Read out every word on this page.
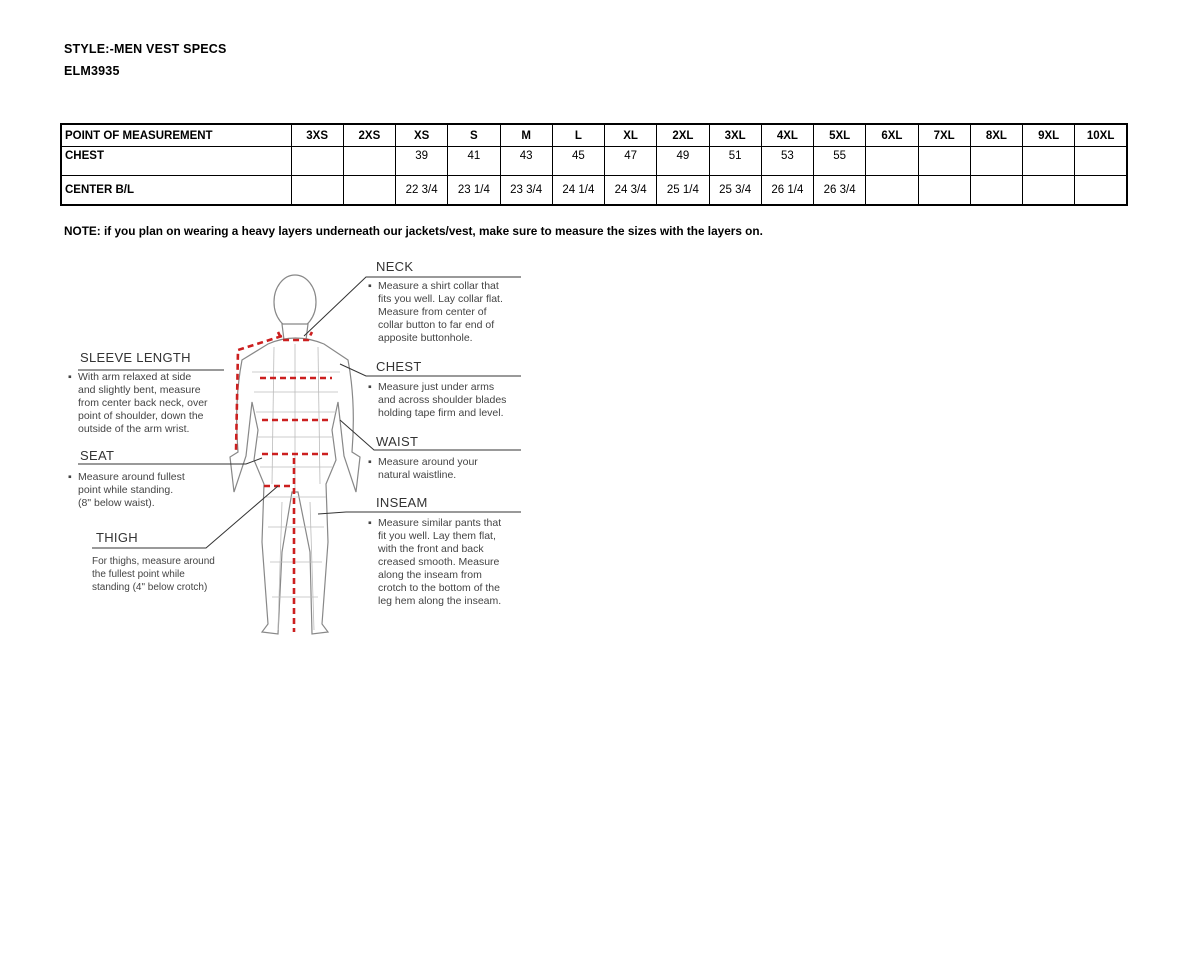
STYLE:-MEN VEST SPECS
ELM3935
POINT OF MEASUREMENT	3XS	2XS	XS	S	M	L	XL	2XL	3XL	4XL	5XL	6XL	7XL	8XL	9XL	10XL
CHEST			39	41	43	45	47	49	51	53	55					
CENTER B/L			22 3/4	23 1/4	23 3/4	24 1/4	24 3/4	25 1/4	25 3/4	26 1/4	26 3/4					
NOTE: if you plan on wearing a heavy layers underneath our jackets/vest, make sure to measure the sizes with the layers on.
NECK
▪ Measure a shirt collar that
fits you well. Lay collar flat.
Measure from center of
collar button to far end of
apposite buttonhole.
CHEST
▪ Measure just under arms
and across shoulder blades
holding tape firm and level.
WAIST
▪ Measure around your
natural waistline.
INSEAM
▪ Measure similar pants that
fit you well. Lay them flat,
with the front and back
creased smooth. Measure
along the inseam from
crotch to the bottom of the
leg hem along the inseam.
SLEEVE LENGTH
▪ With arm relaxed at side
and slightly bent, measure
from center back neck, over
point of shoulder, down the
outside of the arm wrist.
SEAT
▪ Measure around fullest
point while standing.
(8" below waist).
THIGH
For thighs, measure around
the fullest point while
standing (4" below crotch)
